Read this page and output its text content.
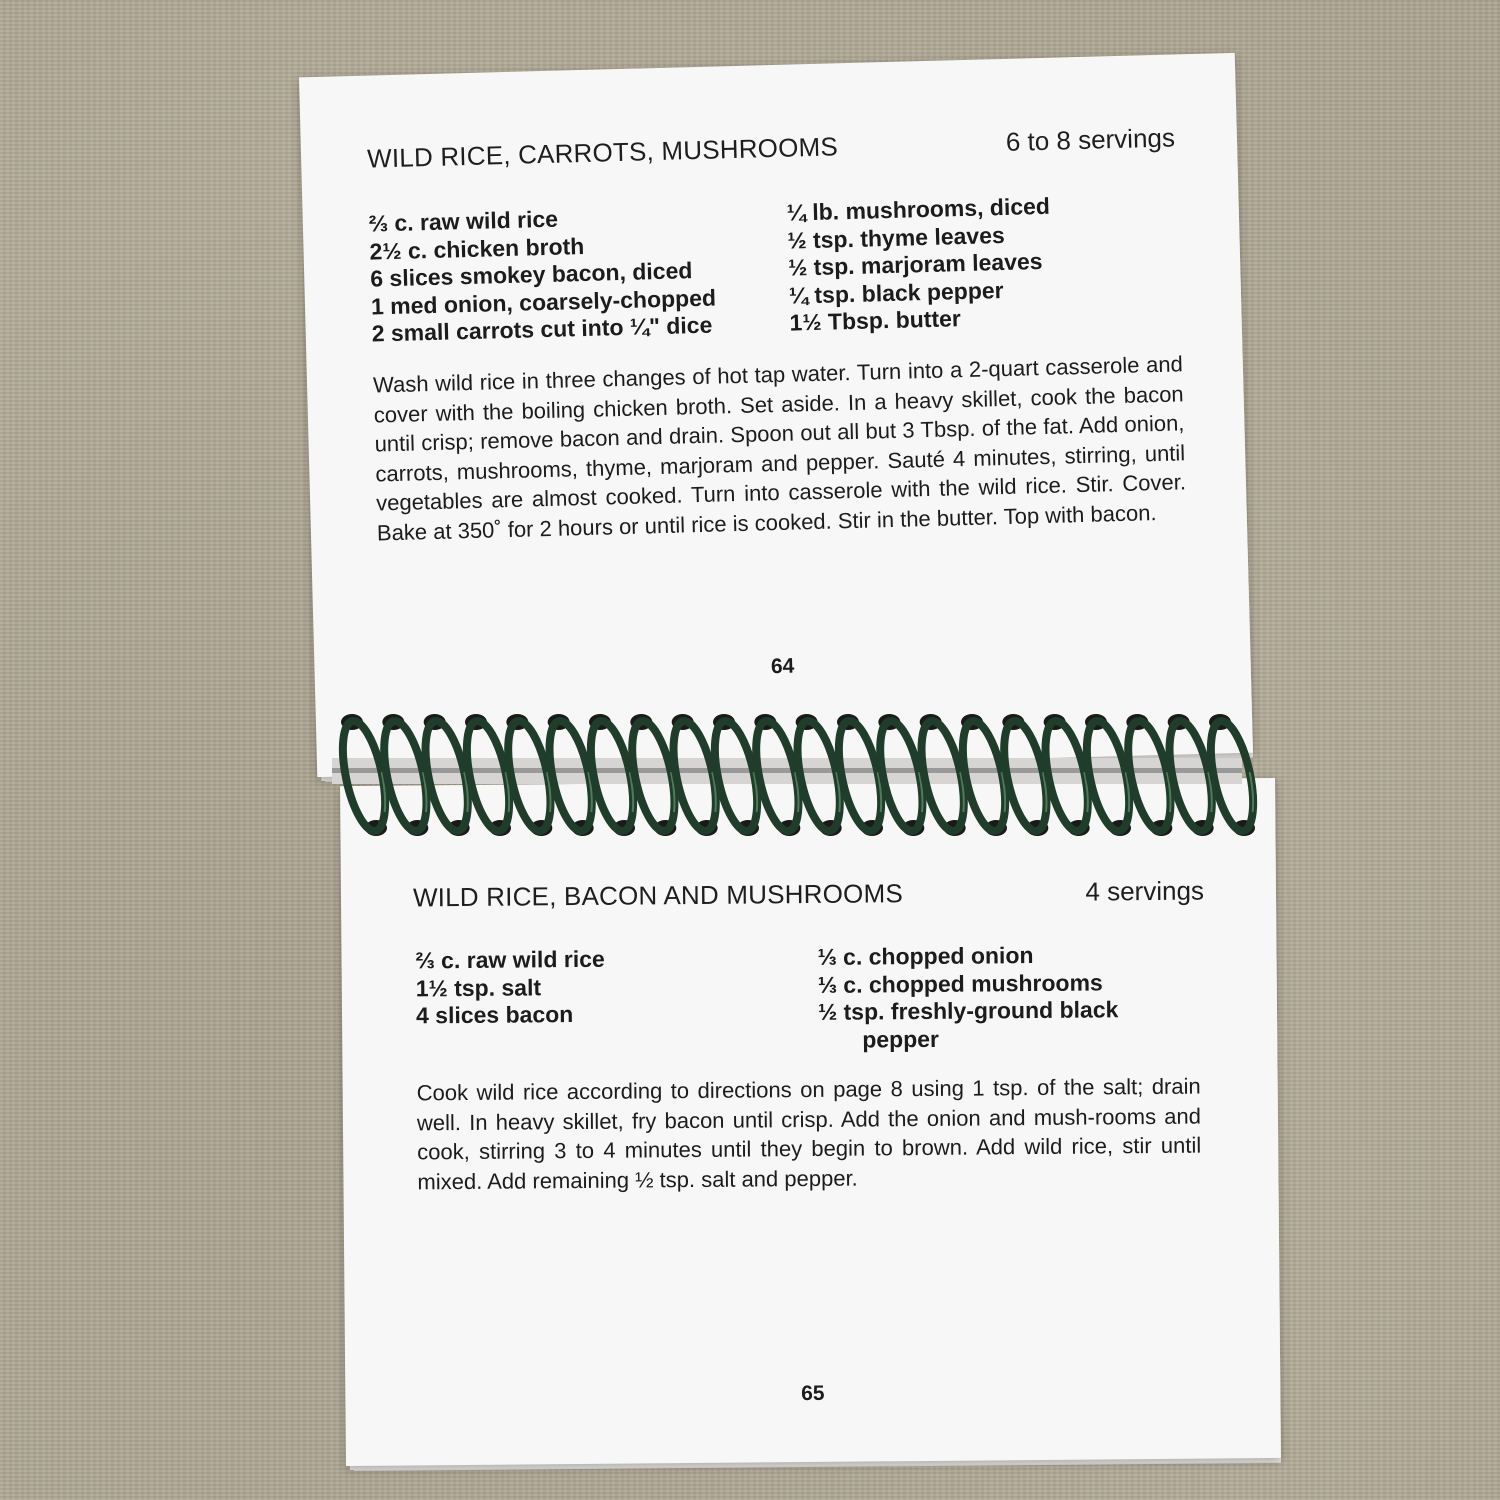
WILD RICE, CARROTS, MUSHROOMS	6 to 8 servings
⅔ c. raw wild rice
2½ c. chicken broth
6 slices smokey bacon, diced
1 med onion, coarsely-chopped
2 small carrots cut into ¼" dice
¼ lb. mushrooms, diced
½ tsp. thyme leaves
½ tsp. marjoram leaves
¼ tsp. black pepper
1½ Tbsp. butter

Wash wild rice in three changes of hot tap water. Turn into a 2-quart casserole and cover with the boiling chicken broth. Set aside. In a heavy skillet, cook the bacon until crisp; remove bacon and drain. Spoon out all but 3 Tbsp. of the fat. Add onion, carrots, mushrooms, thyme, marjoram and pepper. Sauté 4 minutes, stirring, until vegetables are almost cooked. Turn into casserole with the wild rice. Stir. Cover. Bake at 350˚ for 2 hours or until rice is cooked. Stir in the butter. Top with bacon.

64
WILD RICE, BACON AND MUSHROOMS	4 servings
⅔ c. raw wild rice
1½ tsp. salt
4 slices bacon
⅓ c. chopped onion
⅓ c. chopped mushrooms
½ tsp. freshly-ground black
pepper

Cook wild rice according to directions on page 8 using 1 tsp. of the salt; drain well. In heavy skillet, fry bacon until crisp. Add the onion and mush-rooms and cook, stirring 3 to 4 minutes until they begin to brown. Add wild rice, stir until mixed. Add remaining ½ tsp. salt and pepper.

65
